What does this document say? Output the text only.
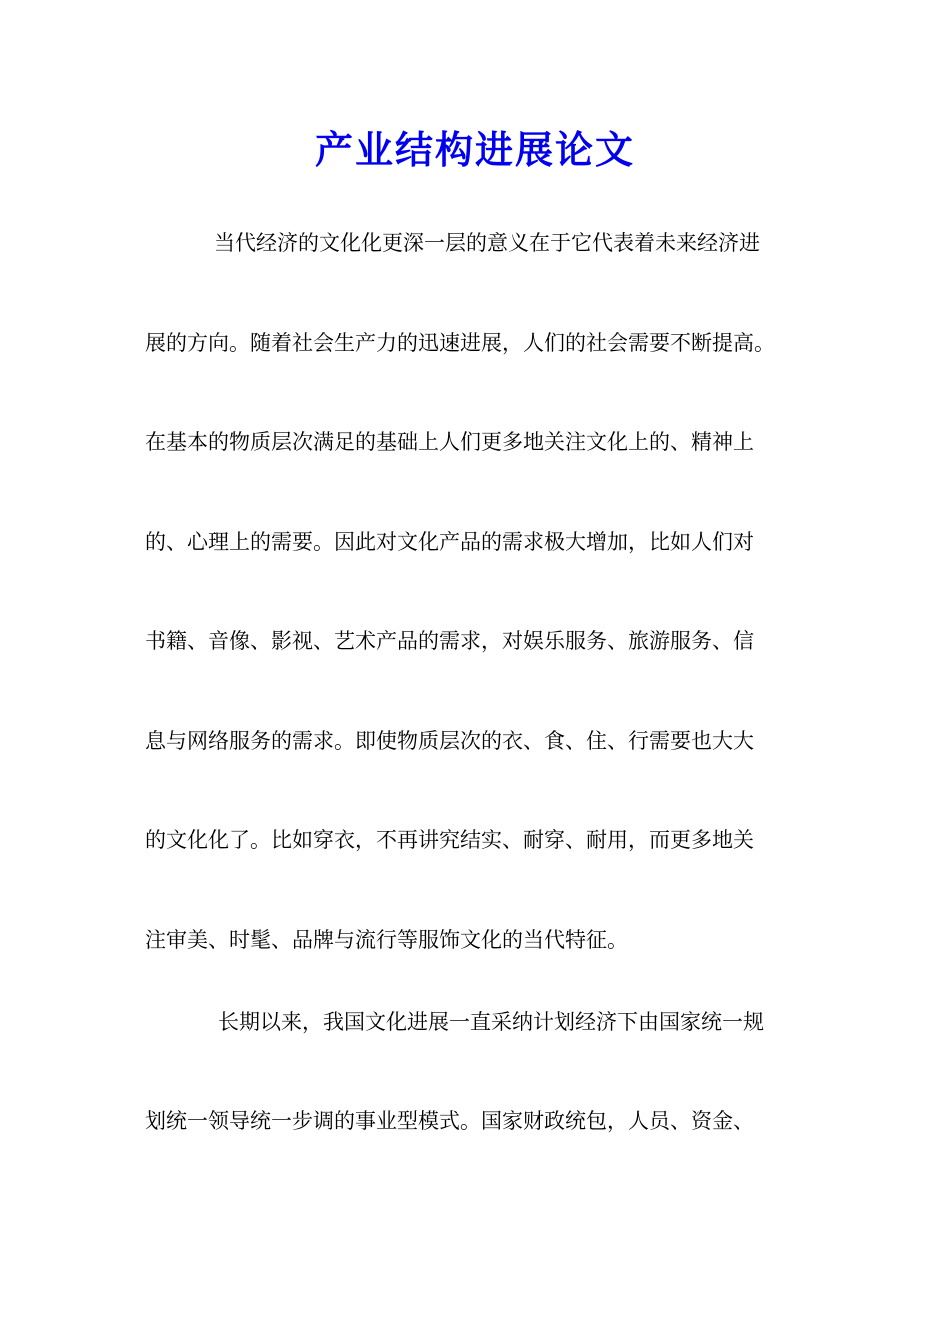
产业结构进展论文

当代经济的文化化更深一层的意义在于它代表着未来经济进

展的方向。随着社会生产力的迅速进展，人们的社会需要不断提高。

在基本的物质层次满足的基础上人们更多地关注文化上的、精神上

的、心理上的需要。因此对文化产品的需求极大增加，比如人们对

书籍、音像、影视、艺术产品的需求，对娱乐服务、旅游服务、信

息与网络服务的需求。即使物质层次的衣、食、住、行需要也大大

的文化化了。比如穿衣，不再讲究结实、耐穿、耐用，而更多地关

注审美、时髦、品牌与流行等服饰文化的当代特征。

长期以来，我国文化进展一直采纳计划经济下由国家统一规

划统一领导统一步调的事业型模式。国家财政统包，人员、资金、
